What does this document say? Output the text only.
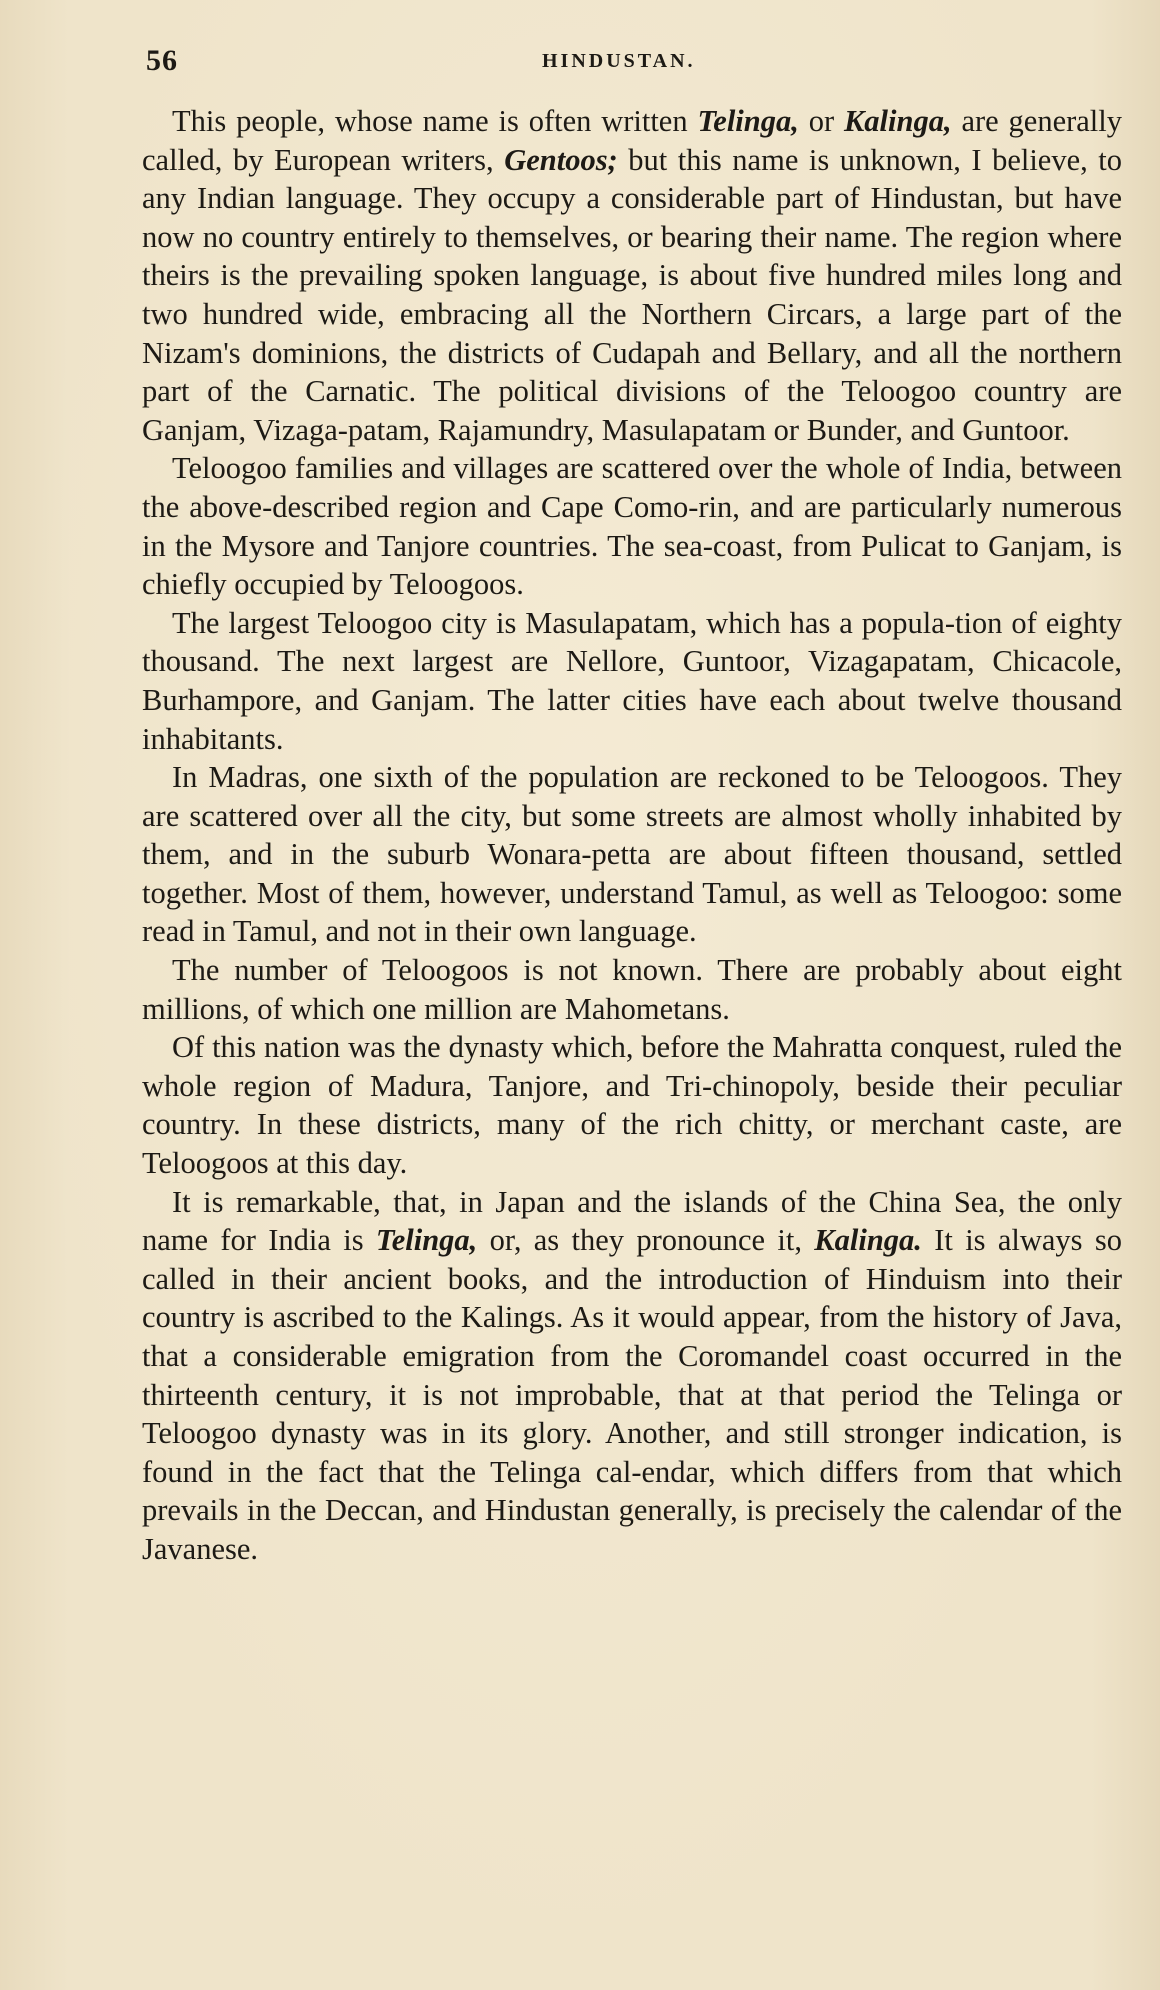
56	HINDUSTAN.

This people, whose name is often written Telinga, or Kalinga, are generally called, by European writers, Gentoos; but this name is unknown, I believe, to any Indian language. They occupy a considerable part of Hindustan, but have now no country entirely to themselves, or bearing their name. The region where theirs is the prevailing spoken language, is about five hundred miles long and two hundred wide, embracing all the Northern Circars, a large part of the Nizam's dominions, the districts of Cudapah and Bellary, and all the northern part of the Carnatic. The political divisions of the Teloogoo country are Ganjam, Vizaga-patam, Rajamundry, Masulapatam or Bunder, and Guntoor.

Teloogoo families and villages are scattered over the whole of India, between the above-described region and Cape Como-rin, and are particularly numerous in the Mysore and Tanjore countries. The sea-coast, from Pulicat to Ganjam, is chiefly occupied by Teloogoos.

The largest Teloogoo city is Masulapatam, which has a popula-tion of eighty thousand. The next largest are Nellore, Guntoor, Vizagapatam, Chicacole, Burhampore, and Ganjam. The latter cities have each about twelve thousand inhabitants.

In Madras, one sixth of the population are reckoned to be Teloogoos. They are scattered over all the city, but some streets are almost wholly inhabited by them, and in the suburb Wonara-petta are about fifteen thousand, settled together. Most of them, however, understand Tamul, as well as Teloogoo: some read in Tamul, and not in their own language.

The number of Teloogoos is not known. There are probably about eight millions, of which one million are Mahometans.

Of this nation was the dynasty which, before the Mahratta conquest, ruled the whole region of Madura, Tanjore, and Tri-chinopoly, beside their peculiar country. In these districts, many of the rich chitty, or merchant caste, are Teloogoos at this day.

It is remarkable, that, in Japan and the islands of the China Sea, the only name for India is Telinga, or, as they pronounce it, Kalinga. It is always so called in their ancient books, and the introduction of Hinduism into their country is ascribed to the Kalings. As it would appear, from the history of Java, that a considerable emigration from the Coromandel coast occurred in the thirteenth century, it is not improbable, that at that period the Telinga or Teloogoo dynasty was in its glory. Another, and still stronger indication, is found in the fact that the Telinga cal-endar, which differs from that which prevails in the Deccan, and Hindustan generally, is precisely the calendar of the Javanese.
